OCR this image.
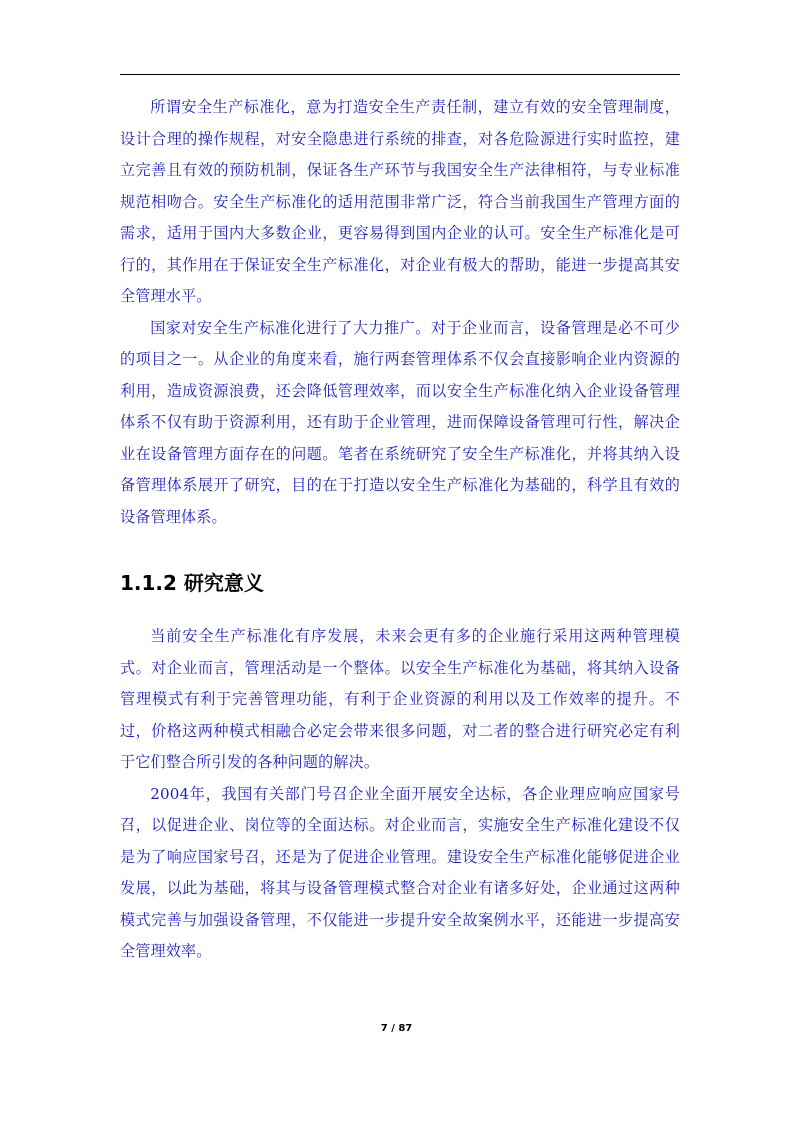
所谓安全生产标准化，意为打造安全生产责任制，建立有效的安全管理制度，设计合理的操作规程，对安全隐患进行系统的排查，对各危险源进行实时监控，建立完善且有效的预防机制，保证各生产环节与我国安全生产法律相符，与专业标准规范相吻合。安全生产标准化的适用范围非常广泛，符合当前我国生产管理方面的需求，适用于国内大多数企业，更容易得到国内企业的认可。安全生产标准化是可行的，其作用在于保证安全生产标准化，对企业有极大的帮助，能进一步提高其安全管理水平。

国家对安全生产标准化进行了大力推广。对于企业而言，设备管理是必不可少的项目之一。从企业的角度来看，施行两套管理体系不仅会直接影响企业内资源的利用，造成资源浪费，还会降低管理效率，而以安全生产标准化纳入企业设备管理体系不仅有助于资源利用，还有助于企业管理，进而保障设备管理可行性，解决企业在设备管理方面存在的问题。笔者在系统研究了安全生产标准化，并将其纳入设备管理体系展开了研究，目的在于打造以安全生产标准化为基础的，科学且有效的设备管理体系。

1.1.2 研究意义

当前安全生产标准化有序发展，未来会更有多的企业施行采用这两种管理模式。对企业而言，管理活动是一个整体。以安全生产标准化为基础，将其纳入设备管理模式有利于完善管理功能，有利于企业资源的利用以及工作效率的提升。不过，价格这两种模式相融合必定会带来很多问题，对二者的整合进行研究必定有利于它们整合所引发的各种问题的解决。

2004年，我国有关部门号召企业全面开展安全达标，各企业理应响应国家号召，以促进企业、岗位等的全面达标。对企业而言，实施安全生产标准化建设不仅是为了响应国家号召，还是为了促进企业管理。建设安全生产标准化能够促进企业发展，以此为基础，将其与设备管理模式整合对企业有诸多好处，企业通过这两种模式完善与加强设备管理，不仅能进一步提升安全故案例水平，还能进一步提高安全管理效率。

7 / 87
